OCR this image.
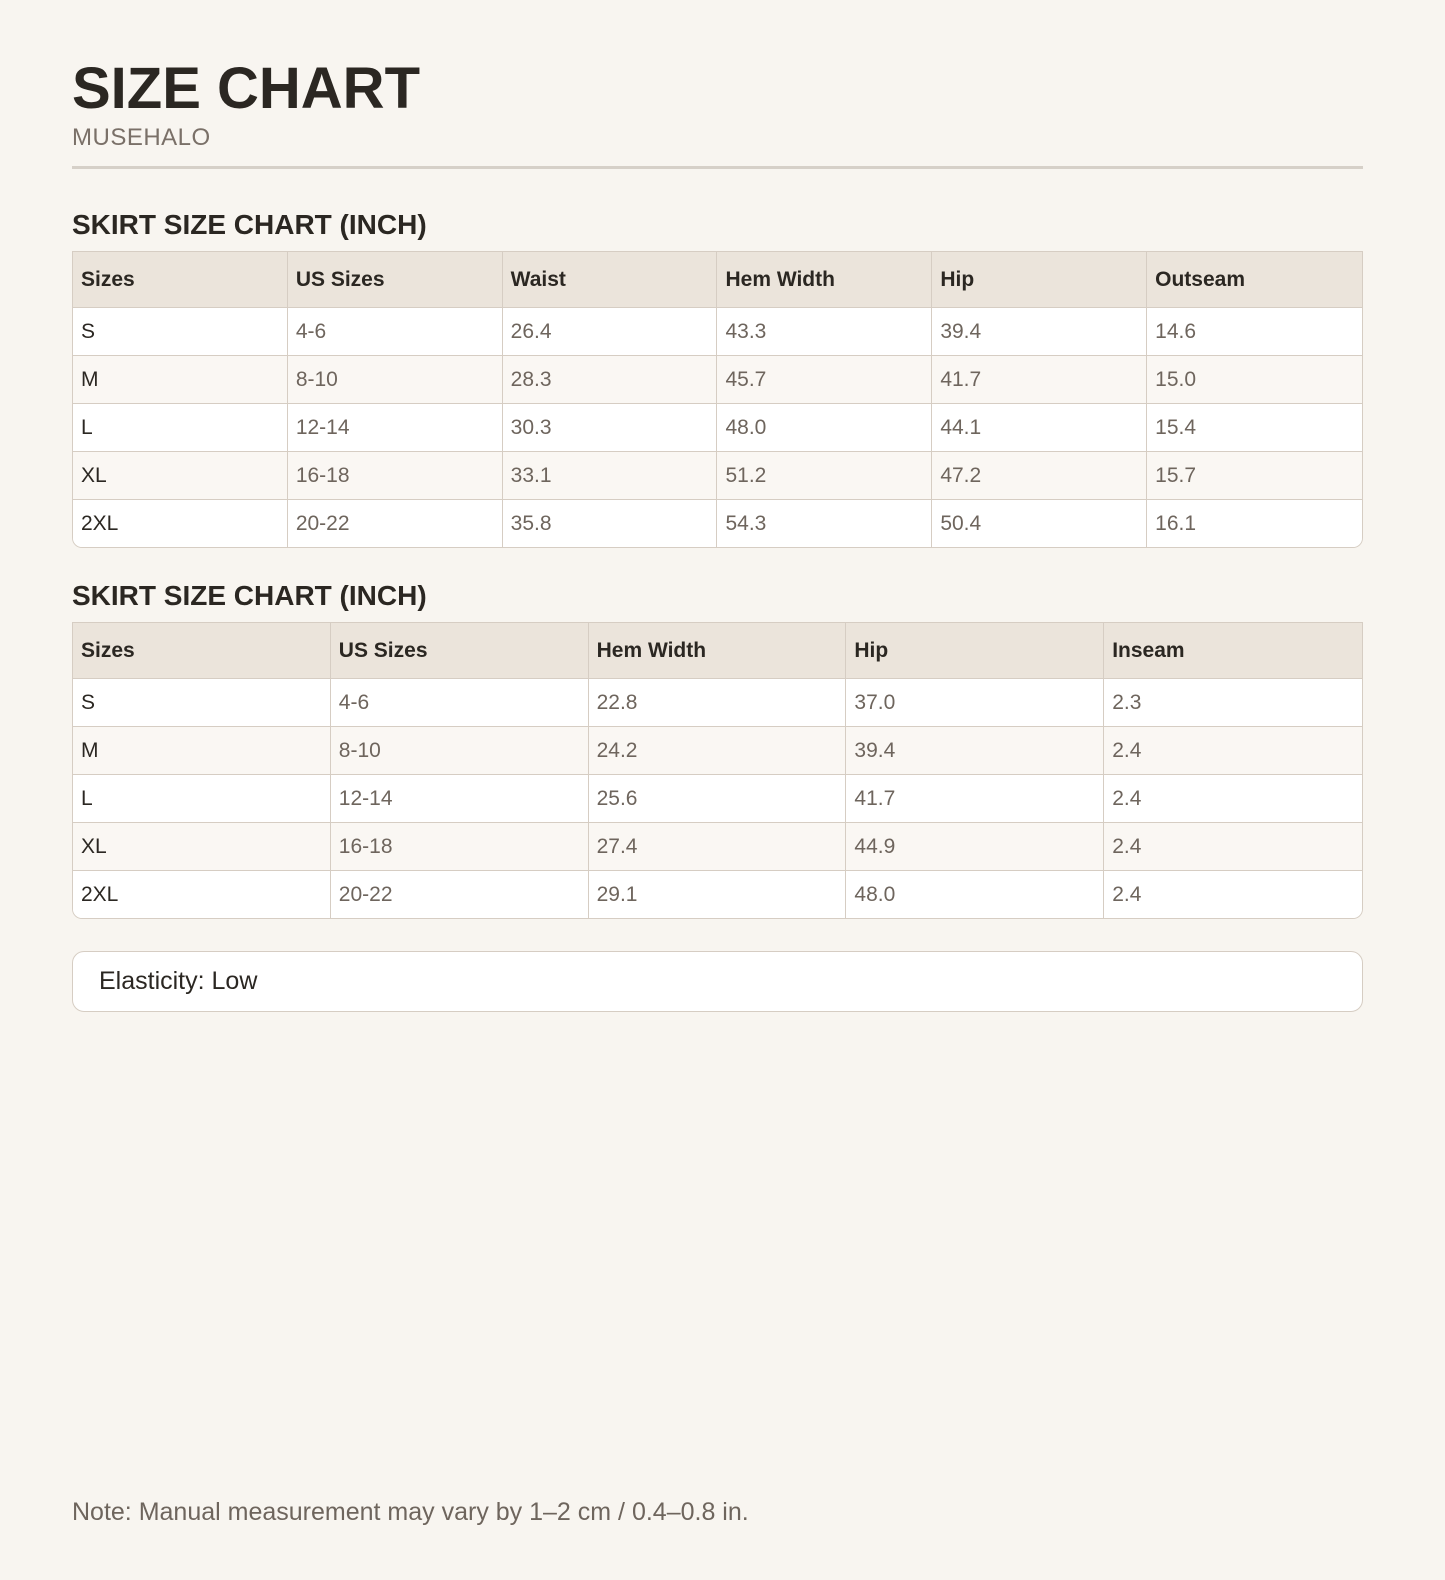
SIZE CHART
MUSEHALO
SKIRT SIZE CHART (INCH)
Sizes	US Sizes	Waist	Hem Width	Hip	Outseam
S	4-6	26.4	43.3	39.4	14.6
M	8-10	28.3	45.7	41.7	15.0
L	12-14	30.3	48.0	44.1	15.4
XL	16-18	33.1	51.2	47.2	15.7
2XL	20-22	35.8	54.3	50.4	16.1
SKIRT SIZE CHART (INCH)
Sizes	US Sizes	Hem Width	Hip	Inseam
S	4-6	22.8	37.0	2.3
M	8-10	24.2	39.4	2.4
L	12-14	25.6	41.7	2.4
XL	16-18	27.4	44.9	2.4
2XL	20-22	29.1	48.0	2.4
Elasticity: Low
Note: Manual measurement may vary by 1–2 cm / 0.4–0.8 in.
